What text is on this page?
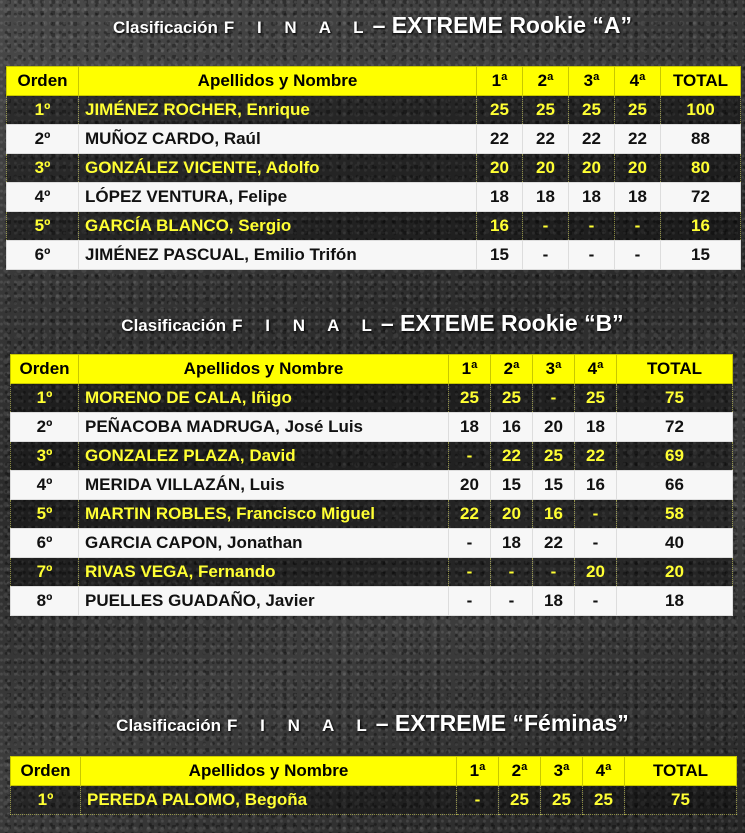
Clasificación F I N A L– EXTREME Rookie “A”
Orden	Apellidos y Nombre	1ª	2ª	3ª	4ª	TOTAL
1º	JIMÉNEZ ROCHER, Enrique	25	25	25	25	100
2º	MUÑOZ CARDO, Raúl	22	22	22	22	88
3º	GONZÁLEZ VICENTE, Adolfo	20	20	20	20	80
4º	LÓPEZ VENTURA, Felipe	18	18	18	18	72
5º	GARCÍA BLANCO, Sergio	16	-	-	-	16
6º	JIMÉNEZ PASCUAL, Emilio Trifón	15	-	-	-	15
Clasificación F I N A L– EXTEME Rookie “B”
Orden	Apellidos y Nombre	1ª	2ª	3ª	4ª	TOTAL
1º	MORENO DE CALA, Iñigo	25	25	-	25	75
2º	PEÑACOBA MADRUGA, José Luis	18	16	20	18	72
3º	GONZALEZ PLAZA, David	-	22	25	22	69
4º	MERIDA VILLAZÁN, Luis	20	15	15	16	66
5º	MARTIN ROBLES, Francisco Miguel	22	20	16	-	58
6º	GARCIA CAPON, Jonathan	-	18	22	-	40
7º	RIVAS VEGA, Fernando	-	-	-	20	20
8º	PUELLES GUADAÑO, Javier	-	-	18	-	18
Clasificación F I N A L– EXTREME “Féminas”
Orden	Apellidos y Nombre	1ª	2ª	3ª	4ª	TOTAL
1º	PEREDA PALOMO, Begoña	-	25	25	25	75
